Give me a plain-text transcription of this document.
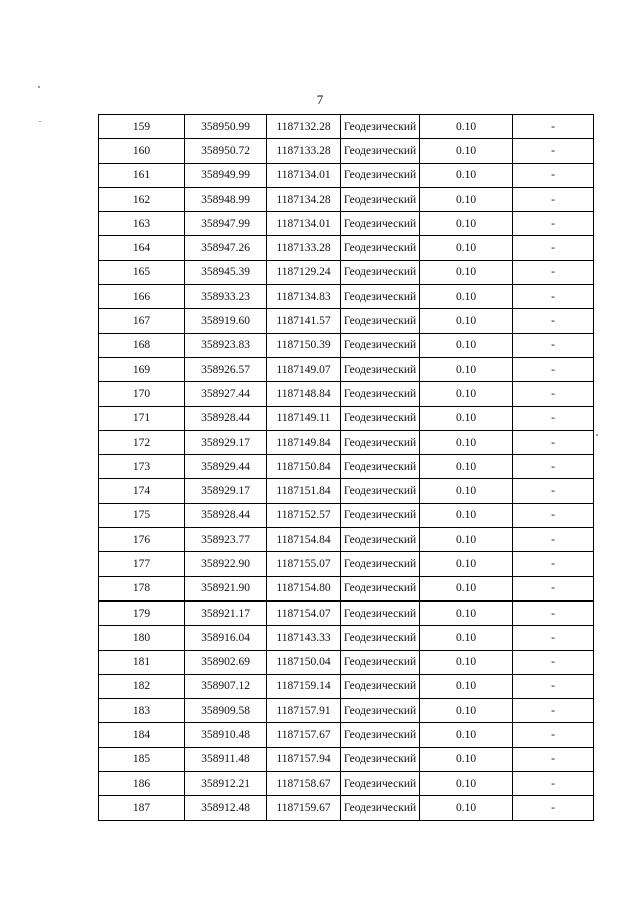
7
159	358950.99	1187132.28	Геодезический	0.10	-
160	358950.72	1187133.28	Геодезический	0.10	-
161	358949.99	1187134.01	Геодезический	0.10	-
162	358948.99	1187134.28	Геодезический	0.10	-
163	358947.99	1187134.01	Геодезический	0.10	-
164	358947.26	1187133.28	Геодезический	0.10	-
165	358945.39	1187129.24	Геодезический	0.10	-
166	358933.23	1187134.83	Геодезический	0.10	-
167	358919.60	1187141.57	Геодезический	0.10	-
168	358923.83	1187150.39	Геодезический	0.10	-
169	358926.57	1187149.07	Геодезический	0.10	-
170	358927.44	1187148.84	Геодезический	0.10	-
171	358928.44	1187149.11	Геодезический	0.10	-
172	358929.17	1187149.84	Геодезический	0.10	-
173	358929.44	1187150.84	Геодезический	0.10	-
174	358929.17	1187151.84	Геодезический	0.10	-
175	358928.44	1187152.57	Геодезический	0.10	-
176	358923.77	1187154.84	Геодезический	0.10	-
177	358922.90	1187155.07	Геодезический	0.10	-
178	358921.90	1187154.80	Геодезический	0.10	-
179	358921.17	1187154.07	Геодезический	0.10	-
180	358916.04	1187143.33	Геодезический	0.10	-
181	358902.69	1187150.04	Геодезический	0.10	-
182	358907.12	1187159.14	Геодезический	0.10	-
183	358909.58	1187157.91	Геодезический	0.10	-
184	358910.48	1187157.67	Геодезический	0.10	-
185	358911.48	1187157.94	Геодезический	0.10	-
186	358912.21	1187158.67	Геодезический	0.10	-
187	358912.48	1187159.67	Геодезический	0.10	-
